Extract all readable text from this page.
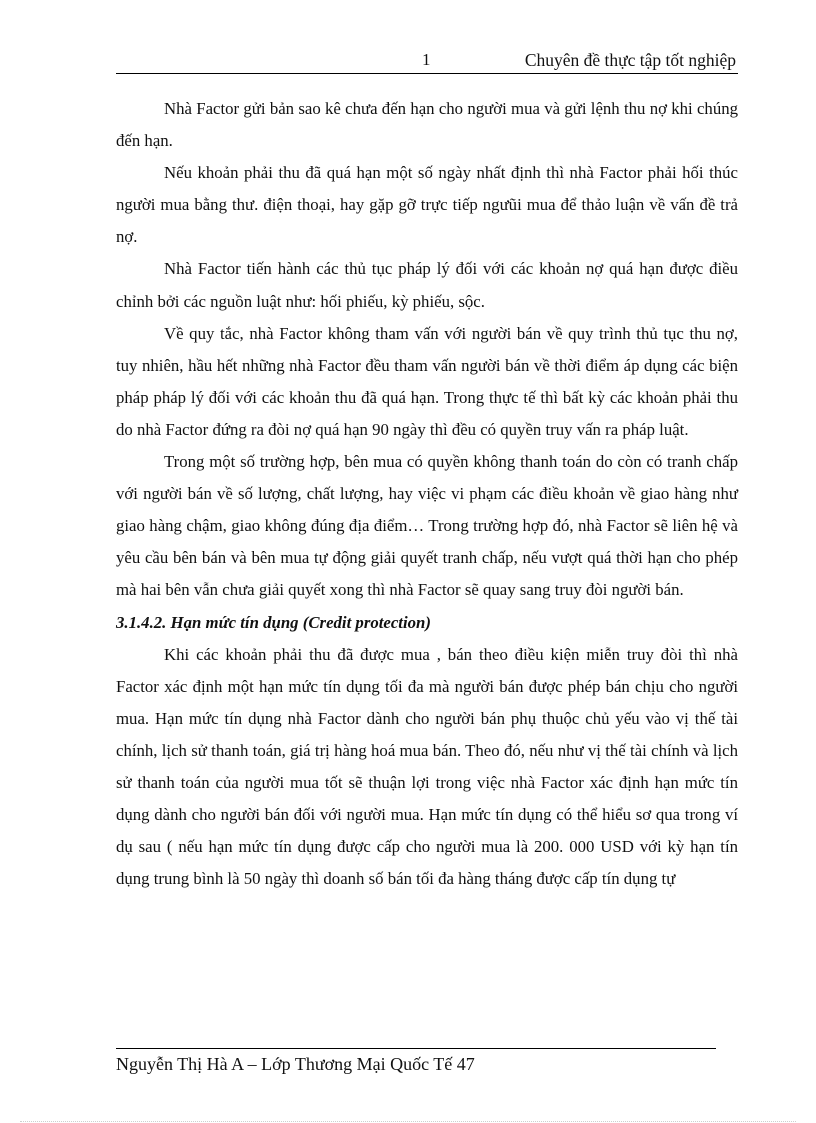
1	Chuyên đề thực tập tốt nghiệp

Nhà Factor gửi bản sao kê chưa đến hạn cho người mua và gửi lệnh thu nợ khi chúng đến hạn.

Nếu khoản phải thu đã quá hạn một số ngày nhất định thì nhà Factor phải hối thúc người mua bằng thư. điện thoại, hay gặp gỡ trực tiếp ngưũi mua để thảo luận về vấn đề trả nợ.

Nhà Factor tiến hành các thủ tục pháp lý đối với các khoản nợ quá hạn được điều chỉnh bởi các nguồn luật như: hối phiếu, kỳ phiếu, sộc.

Về quy tắc, nhà Factor không tham vấn với người bán về quy trình thủ tục thu nợ, tuy nhiên, hầu hết những nhà Factor đều tham vấn người bán về thời điểm áp dụng các biện pháp pháp lý đối với các khoản thu đã quá hạn. Trong thực tế thì bất kỳ các khoản phải thu do nhà Factor đứng ra đòi nợ quá hạn 90 ngày thì đều có quyền truy vấn ra pháp luật.

Trong một số trường hợp, bên mua có quyền không thanh toán do còn có tranh chấp với người bán về số lượng, chất lượng, hay việc vi phạm các điều khoản về giao hàng như giao hàng chậm, giao không đúng địa điểm… Trong trường hợp đó, nhà Factor sẽ liên hệ và yêu cầu bên bán và bên mua tự động giải quyết tranh chấp, nếu vượt quá thời hạn cho phép mà hai bên vẫn chưa giải quyết xong thì nhà Factor sẽ quay sang truy đòi người bán.

3.1.4.2. Hạn mức tín dụng (Credit protection)

Khi các khoản phải thu đã được mua , bán theo điều kiện miễn truy đòi thì nhà Factor xác định một hạn mức tín dụng tối đa mà người bán được phép bán chịu cho người mua. Hạn mức tín dụng nhà Factor dành cho người bán phụ thuộc chủ yếu vào vị thế tài chính, lịch sử thanh toán, giá trị hàng hoá mua bán. Theo đó, nếu như vị thế tài chính và lịch sử thanh toán của người mua tốt sẽ thuận lợi trong việc nhà Factor xác định hạn mức tín dụng dành cho người bán đối với người mua. Hạn mức tín dụng có thể hiểu sơ qua trong ví dụ sau ( nếu hạn mức tín dụng được cấp cho người mua là 200. 000 USD với kỳ hạn tín dụng trung bình là 50 ngày thì doanh số bán tối đa hàng tháng được cấp tín dụng tự

Nguyễn Thị Hà A – Lớp Thương Mại Quốc Tế 47
